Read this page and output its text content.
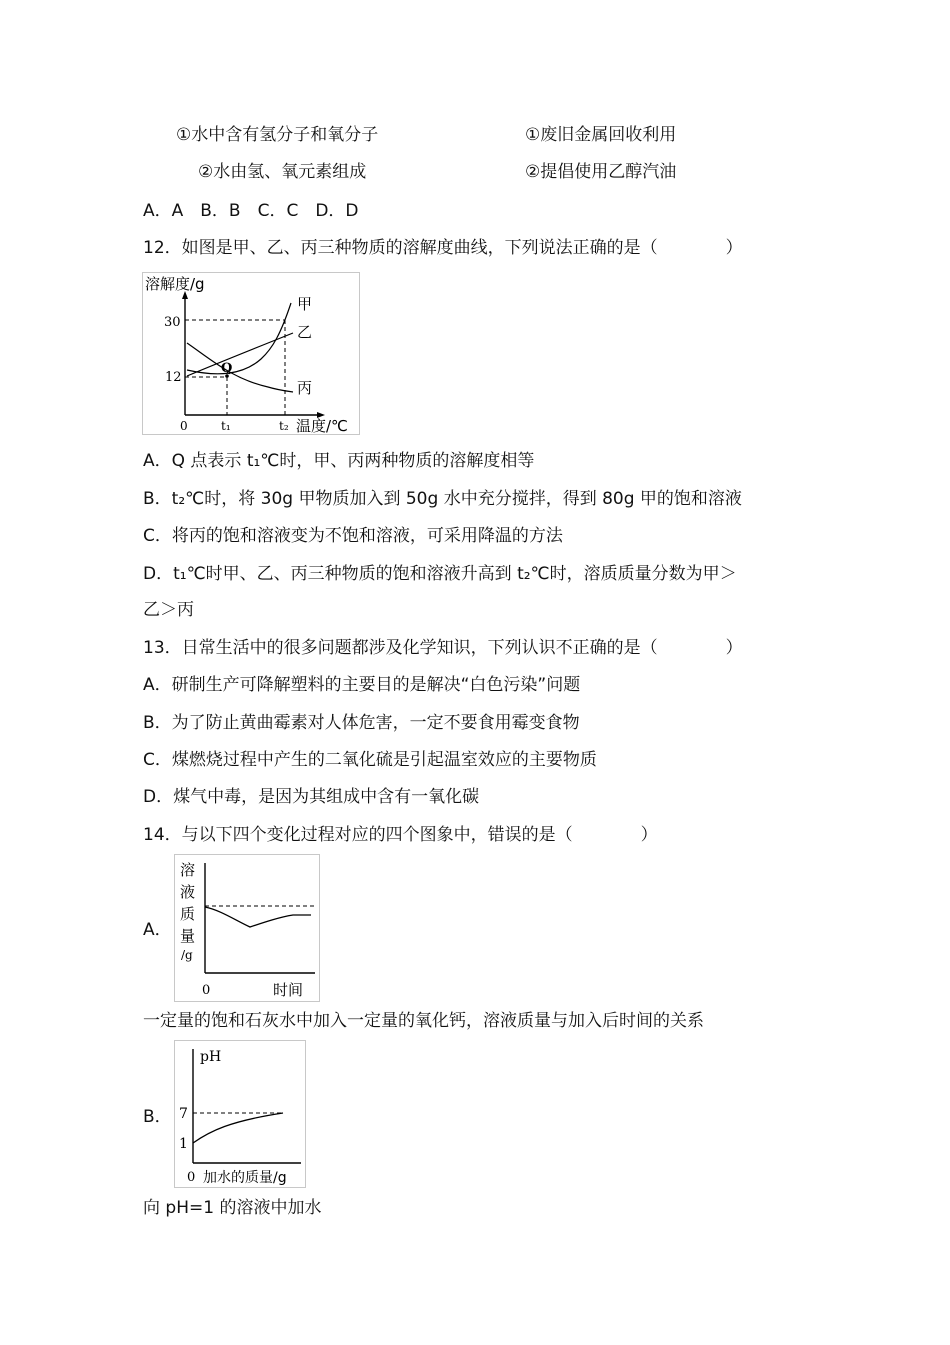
①水中含有氢分子和氧分子	①废旧金属回收利用
②水由氢、氧元素组成	②提倡使用乙醇汽油
A．A　B．B　C．C　D．D
12．如图是甲、乙、丙三种物质的溶解度曲线，下列说法正确的是（　　　　）
溶解度/g
30
12
0	t₁	t₂ 温度/℃
Q
甲
乙
丙
A．Q 点表示 t₁℃时，甲、丙两种物质的溶解度相等
B．t₂℃时，将 30g 甲物质加入到 50g 水中充分搅拌，得到 80g 甲的饱和溶液
C．将丙的饱和溶液变为不饱和溶液，可采用降温的方法
D．t₁℃时甲、乙、丙三种物质的饱和溶液升高到 t₂℃时，溶质质量分数为甲＞
乙＞丙
13．日常生活中的很多问题都涉及化学知识，下列认识不正确的是（　　　　）
A．研制生产可降解塑料的主要目的是解决“白色污染”问题
B．为了防止黄曲霉素对人体危害，一定不要食用霉变食物
C．煤燃烧过程中产生的二氧化硫是引起温室效应的主要物质
D．煤气中毒，是因为其组成中含有一氧化碳
14．与以下四个变化过程对应的四个图象中，错误的是（　　　　）
A．
溶
液
质
量
/g
0	时间
一定量的饱和石灰水中加入一定量的氧化钙，溶液质量与加入后时间的关系
B．
pH
7
1
0 加水的质量/g
向 pH=1 的溶液中加水
